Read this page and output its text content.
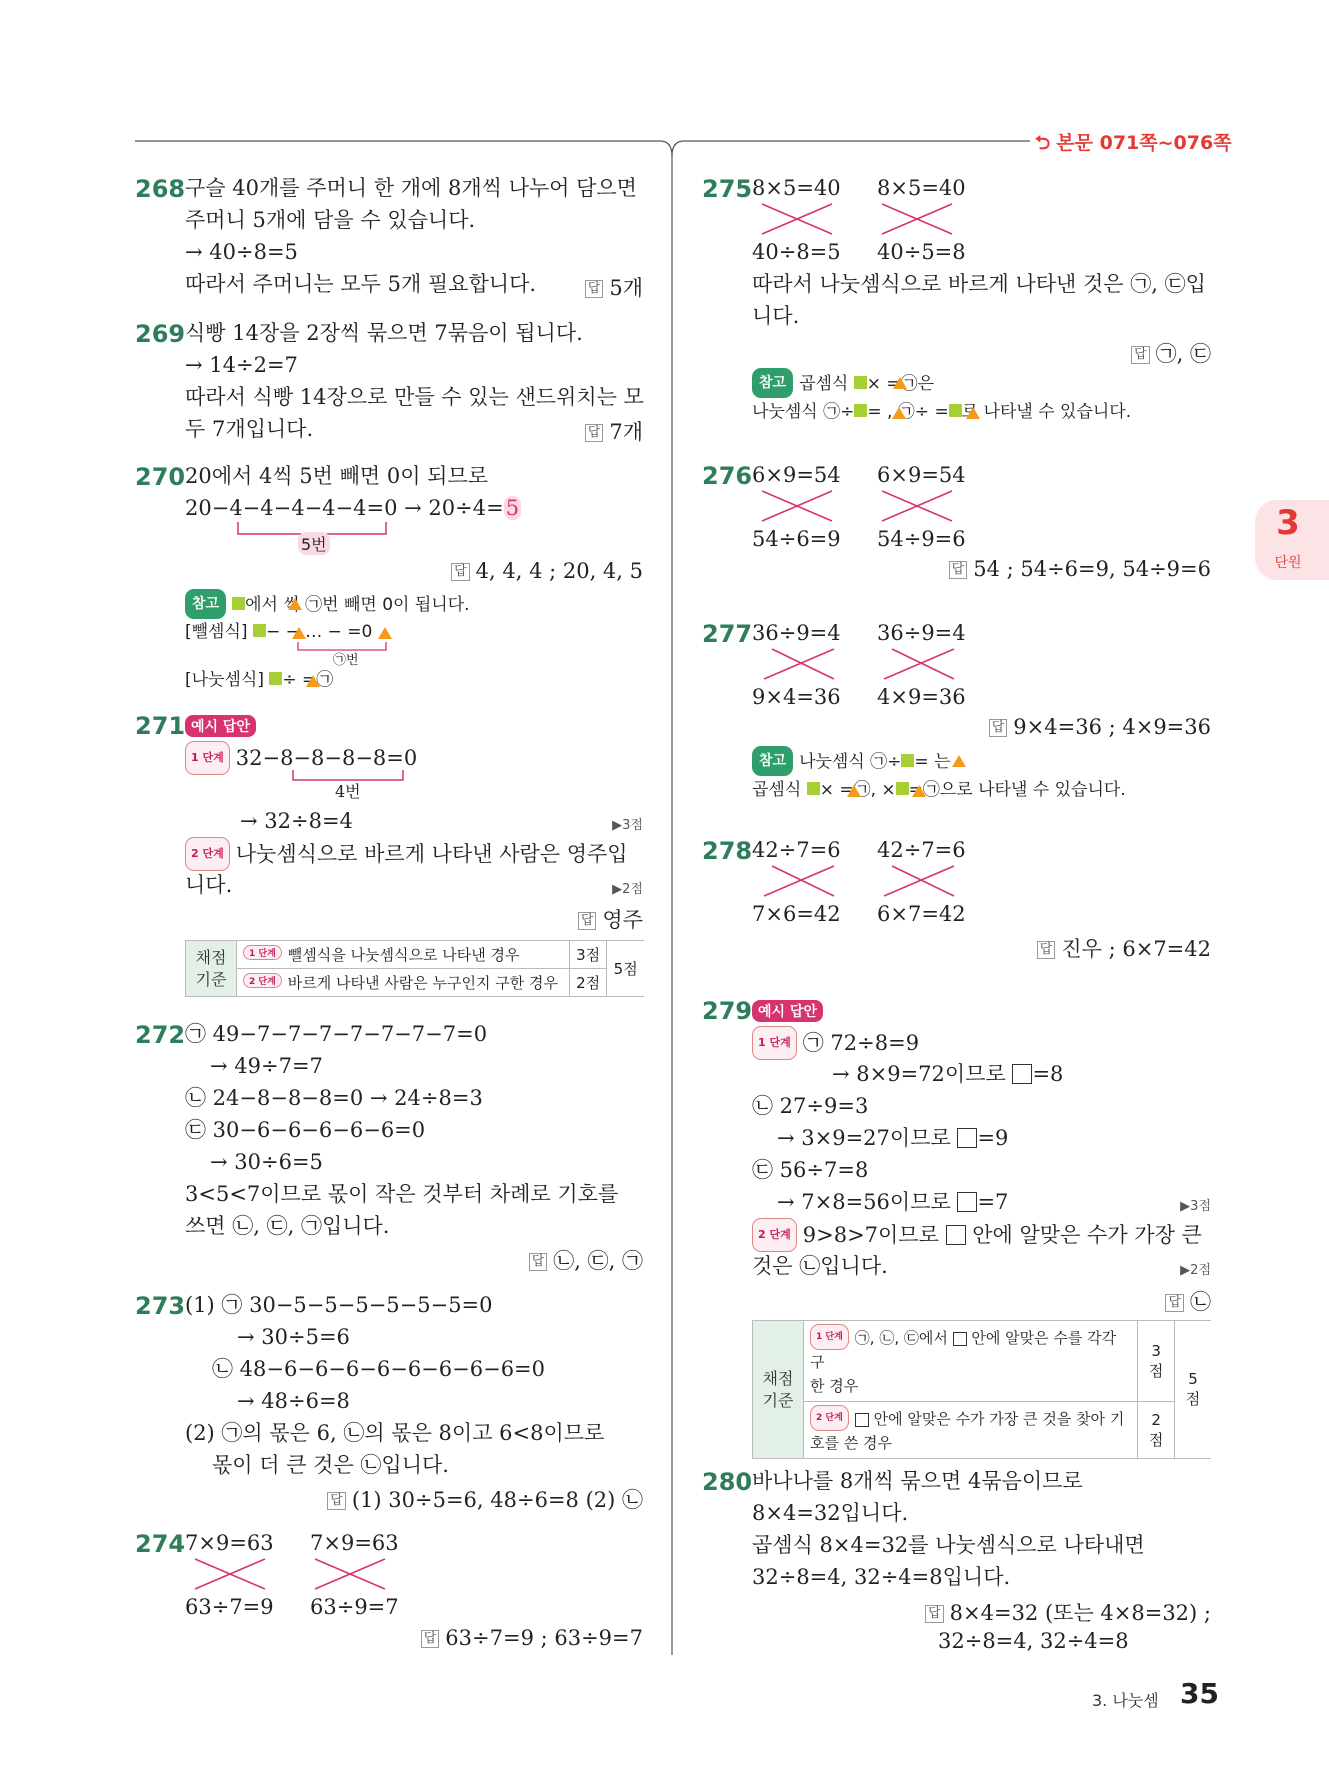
⮌ 본문 071쪽~076쪽
3
단원
268 구슬 40개를 주머니 한 개에 8개씩 나누어 담으면
주머니 5개에 담을 수 있습니다.
→ 40÷8=5
따라서 주머니는 모두 5개 필요합니다.	답 5개
269 식빵 14장을 2장씩 묶으면 7묶음이 됩니다.
→ 14÷2=7
따라서 식빵 14장으로 만들 수 있는 샌드위치는 모
두 7개입니다.	답 7개
270 20에서 4씩 5번 빼면 0이 되므로
20−4−4−4−4−4=0 → 20÷4=5
5번
답 4, 4, 4 ; 20, 4, 5
참고 에서 씩 ㉠번 빼면 0이 됩니다.
[뺄셈식] − − … − =0
㉠번
[나눗셈식] ÷ =㉠
271 예시 답안
1 단계 32−8−8−8−8=0
4번
→ 32÷8=4	▶3점
2 단계 나눗셈식으로 바르게 나타낸 사람은 영주입
니다.	▶2점
답 영주
채점
기준	1 단계 뺄셈식을 나눗셈식으로 나타낸 경우	3점	5점
	2 단계 바르게 나타낸 사람은 누구인지 구한 경우	2점	
272 ㉠ 49−7−7−7−7−7−7−7=0
→ 49÷7=7
㉡ 24−8−8−8=0 → 24÷8=3
㉢ 30−6−6−6−6−6=0
→ 30÷6=5
3<5<7이므로 몫이 작은 것부터 차례로 기호를
쓰면 ㉡, ㉢, ㉠입니다.
답 ㉡, ㉢, ㉠
273 (1) ㉠ 30−5−5−5−5−5−5=0
→ 30÷5=6
㉡ 48−6−6−6−6−6−6−6−6=0
→ 48÷6=8
(2) ㉠의 몫은 6, ㉡의 몫은 8이고 6<8이므로
몫이 더 큰 것은 ㉡입니다.
답 (1) 30÷5=6, 48÷6=8 (2) ㉡
274 7×9=63 7×9=63
63÷7=9 63÷9=7
답 63÷7=9 ; 63÷9=7
275 8×5=40 8×5=40
40÷8=5 40÷5=8
따라서 나눗셈식으로 바르게 나타낸 것은 ㉠, ㉢입
니다.
답 ㉠, ㉢
참고 곱셈식 × =㉠은
나눗셈식 ㉠÷ = , ㉠÷ = 로 나타낼 수 있습니다.
276 6×9=54 6×9=54
54÷6=9 54÷9=6
답 54 ; 54÷6=9, 54÷9=6
277 36÷9=4 36÷9=4
9×4=36 4×9=36
답 9×4=36 ; 4×9=36
참고 나눗셈식 ㉠÷ = 는
곱셈식 × =㉠, × =㉠으로 나타낼 수 있습니다.
278 42÷7=6 42÷7=6
7×6=42 6×7=42
답 진우 ; 6×7=42
279 예시 답안
1 단계 ㉠ 72÷8=9
→ 8×9=72이므로 =8
㉡ 27÷9=3
→ 3×9=27이므로 =9
㉢ 56÷7=8
→ 7×8=56이므로 =7	▶3점
2 단계 9>8>7이므로 안에 알맞은 수가 가장 큰
것은 ㉡입니다.	▶2점
답 ㉡
채점
기준	1 단계 ㉠, ㉡, ㉢에서 안에 알맞은 수를 각각 구
한 경우	3점	5점
	2 단계 안에 알맞은 수가 가장 큰 것을 찾아 기
호를 쓴 경우	2점	
280 바나나를 8개씩 묶으면 4묶음이므로
8×4=32입니다.
곱셈식 8×4=32를 나눗셈식으로 나타내면
32÷8=4, 32÷4=8입니다.
답 8×4=32 (또는 4×8=32) ;
32÷8=4, 32÷4=8
3. 나눗셈 35
